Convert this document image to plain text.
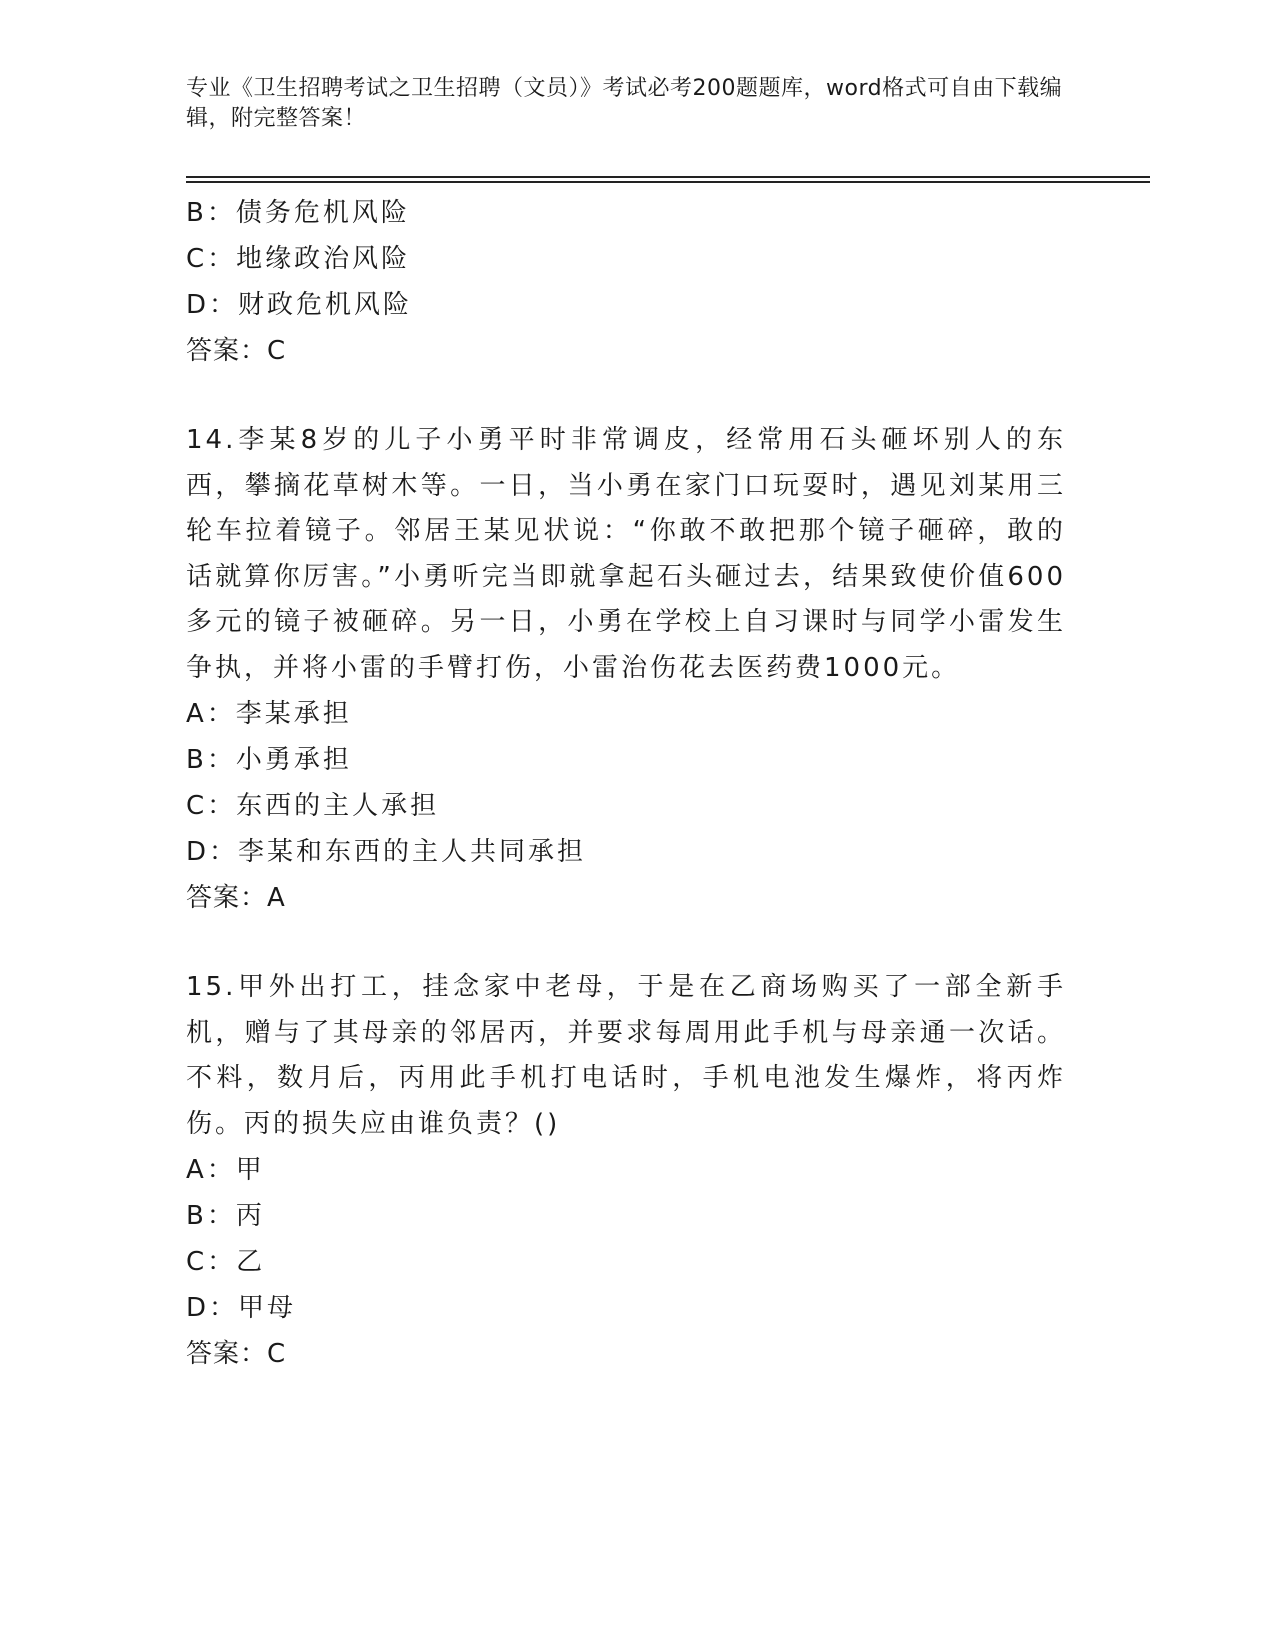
专业《卫生招聘考试之卫生招聘（文员）》考试必考200题题库，word格式可自由下载编辑，附完整答案！
B：债务危机风险
C：地缘政治风险
D：财政危机风险
答案：C
14.李某8岁的儿子小勇平时非常调皮，经常用石头砸坏别人的东西，攀摘花草树木等。一日，当小勇在家门口玩耍时，遇见刘某用三轮车拉着镜子。邻居王某见状说：“你敢不敢把那个镜子砸碎，敢的话就算你厉害。”小勇听完当即就拿起石头砸过去，结果致使价值600多元的镜子被砸碎。另一日，小勇在学校上自习课时与同学小雷发生争执，并将小雷的手臂打伤，小雷治伤花去医药费1000元。
A：李某承担
B：小勇承担
C：东西的主人承担
D：李某和东西的主人共同承担
答案：A
15.甲外出打工，挂念家中老母，于是在乙商场购买了一部全新手机，赠与了其母亲的邻居丙，并要求每周用此手机与母亲通一次话。不料，数月后，丙用此手机打电话时，手机电池发生爆炸，将丙炸伤。丙的损失应由谁负责？()
A：甲
B：丙
C：乙
D：甲母
答案：C
